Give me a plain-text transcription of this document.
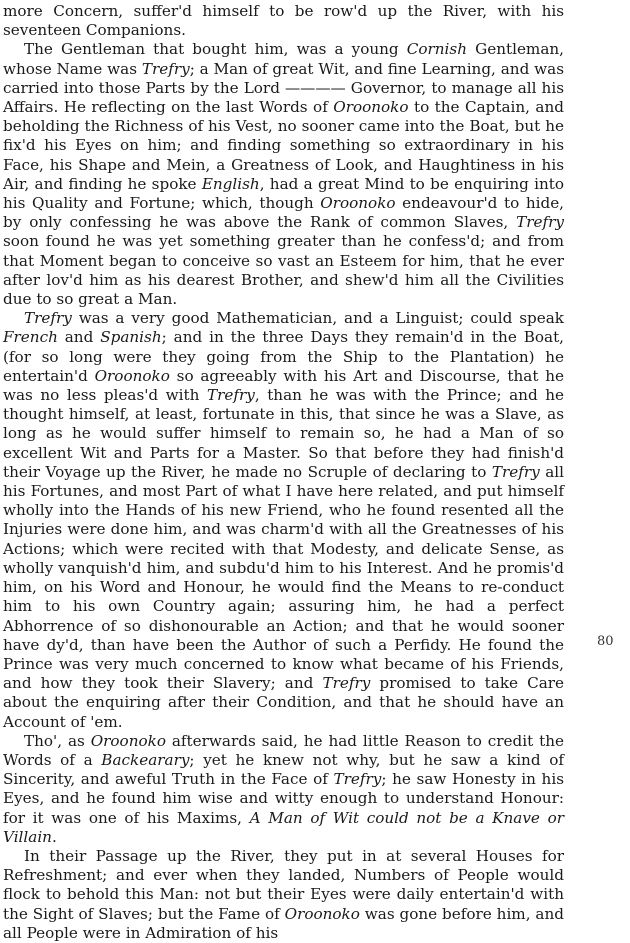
more Concern, suffer'd himself to be row'd up the River, with his seventeen Companions.

The Gentleman that bought him, was a young Cornish Gentleman, whose Name was Trefry; a Man of great Wit, and fine Learning, and was carried into those Parts by the Lord ———— Governor, to manage all his Affairs. He reflecting on the last Words of Oroonoko to the Captain, and beholding the Richness of his Vest, no sooner came into the Boat, but he fix'd his Eyes on him; and finding something so extraordinary in his Face, his Shape and Mein, a Greatness of Look, and Haughtiness in his Air, and finding he spoke English, had a great Mind to be enquiring into his Quality and Fortune; which, though Oroonoko endeavour'd to hide, by only confessing he was above the Rank of common Slaves, Trefry soon found he was yet something greater than he confess'd; and from that Moment began to conceive so vast an Esteem for him, that he ever after lov'd him as his dearest Brother, and shew'd him all the Civilities due to so great a Man.

Trefry was a very good Mathematician, and a Linguist; could speak French and Spanish; and in the three Days they remain'd in the Boat, (for so long were they going from the Ship to the Plantation) he entertain'd Oroonoko so agreeably with his Art and Discourse, that he was no less pleas'd with Trefry, than he was with the Prince; and he thought himself, at least, fortunate in this, that since he was a Slave, as long as he would suffer himself to remain so, he had a Man of so excellent Wit and Parts for a Master. So that before they had finish'd their Voyage up the River, he made no Scruple of declaring to Trefry all his Fortunes, and most Part of what I have here related, and put himself wholly into the Hands of his new Friend, who he found resented all the Injuries were done him, and was charm'd with all the Greatnesses of his Actions; which were recited with that Modesty, and delicate Sense, as wholly vanquish'd him, and subdu'd him to his Interest. And he promis'd him, on his Word and Honour, he would find the Means to re-conduct him to his own Country again; assuring him, he had a perfect Abhorrence of so dishonourable an Action; and that he would sooner have dy'd, than have been the Author of such a Perfidy. He found the Prince was very much concerned to know what became of his Friends, and how they took their Slavery; and Trefry promised to take Care about the enquiring after their Condition, and that he should have an Account of 'em.

Tho', as Oroonoko afterwards said, he had little Reason to credit the Words of a Backearary; yet he knew not why, but he saw a kind of Sincerity, and aweful Truth in the Face of Trefry; he saw Honesty in his Eyes, and he found him wise and witty enough to understand Honour: for it was one of his Maxims, A Man of Wit could not be a Knave or Villain.

In their Passage up the River, they put in at several Houses for Refreshment; and ever when they landed, Numbers of People would flock to behold this Man: not but their Eyes were daily entertain'd with the Sight of Slaves; but the Fame of Oroonoko was gone before him, and all People were in Admiration of his

80
